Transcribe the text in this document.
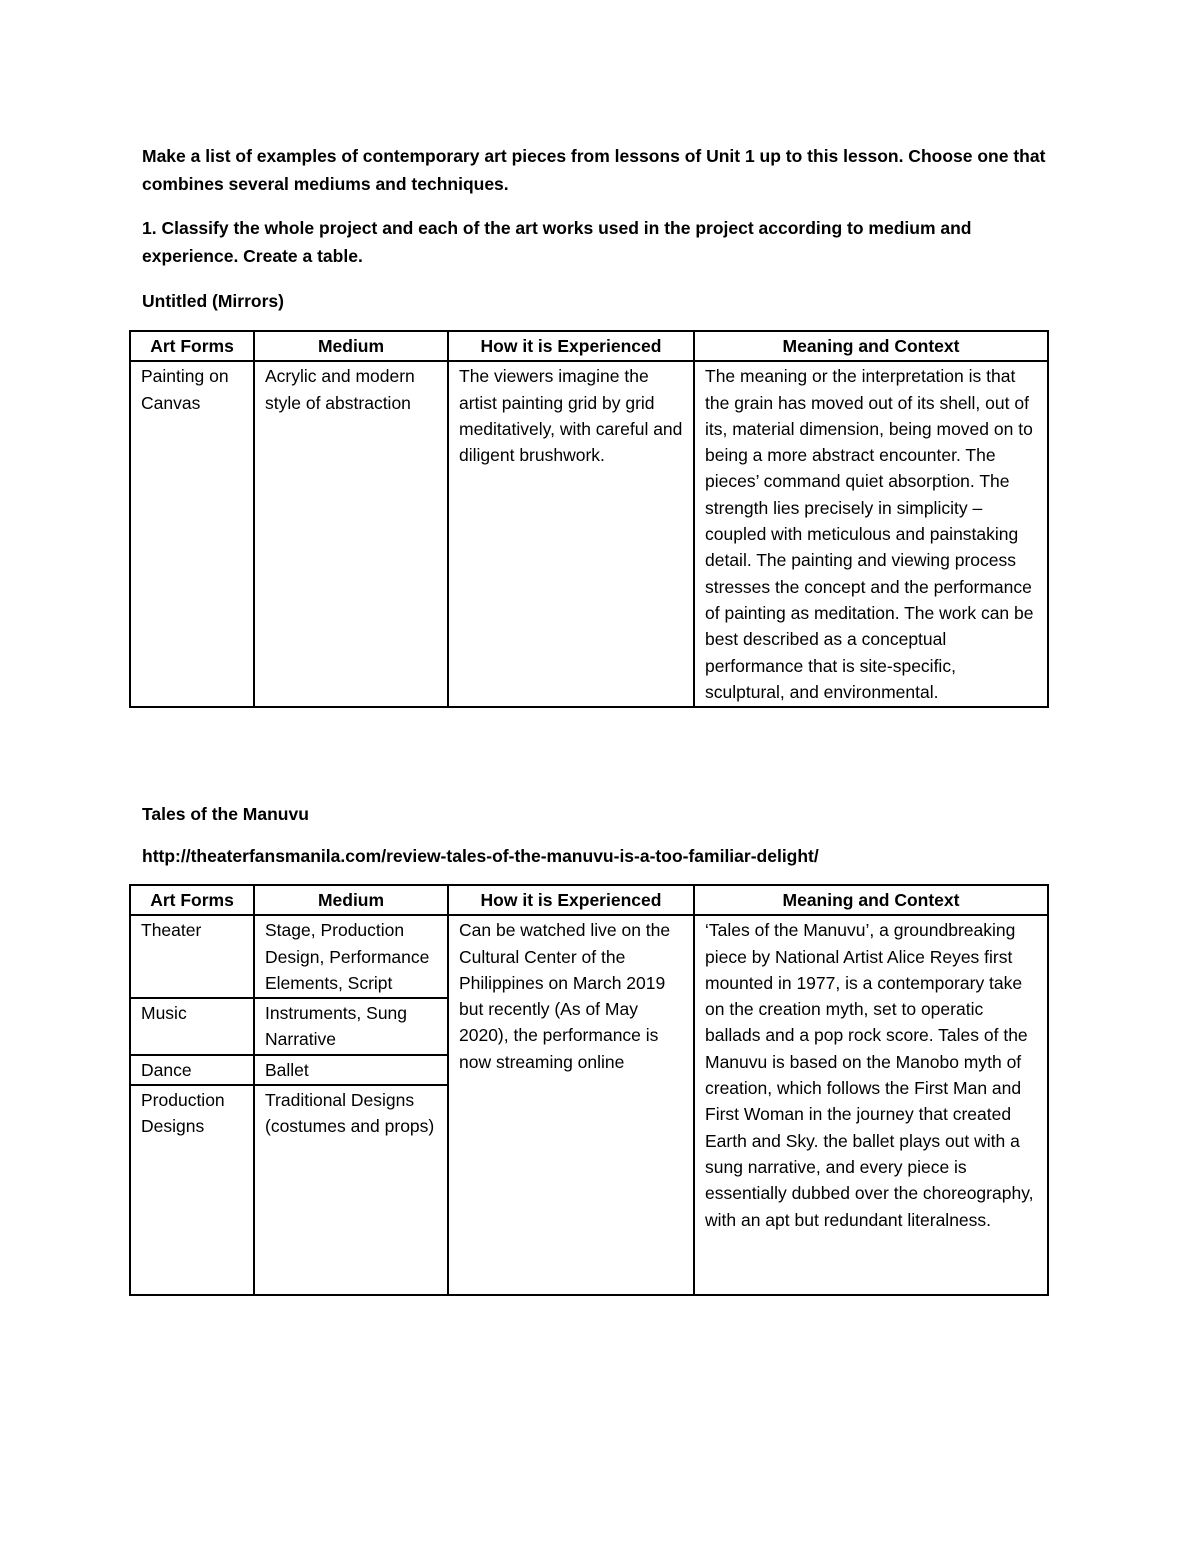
Make a list of examples of contemporary art pieces from lessons of Unit 1 up to this lesson. Choose one that combines several mediums and techniques.

1. Classify the whole project and each of the art works used in the project according to medium and experience. Create a table.

Untitled (Mirrors)

Art Forms	Medium	How it is Experienced	Meaning and Context
Painting on Canvas	Acrylic and modern style of abstraction	The viewers imagine the artist painting grid by grid meditatively, with careful and diligent brushwork.	The meaning or the interpretation is that the grain has moved out of its shell, out of its, material dimension, being moved on to being a more abstract encounter. The pieces’ command quiet absorption. The strength lies precisely in simplicity – coupled with meticulous and painstaking detail. The painting and viewing process stresses the concept and the performance of painting as meditation. The work can be best described as a conceptual performance that is site-specific, sculptural, and environmental.

Tales of the Manuvu

http://theaterfansmanila.com/review-tales-of-the-manuvu-is-a-too-familiar-delight/

Art Forms	Medium	How it is Experienced	Meaning and Context
Theater	Stage, Production Design, Performance Elements, Script	Can be watched live on the Cultural Center of the Philippines on March 2019 but recently (As of May 2020), the performance is now streaming online	‘Tales of the Manuvu’, a groundbreaking piece by National Artist Alice Reyes first mounted in 1977, is a contemporary take on the creation myth, set to operatic ballads and a pop rock score. Tales of the Manuvu is based on the Manobo myth of creation, which follows the First Man and First Woman in the journey that created Earth and Sky. the ballet plays out with a sung narrative, and every piece is essentially dubbed over the choreography, with an apt but redundant literalness.
Music	Instruments, Sung Narrative		
Dance	Ballet		
Production Designs	Traditional Designs (costumes and props)		
